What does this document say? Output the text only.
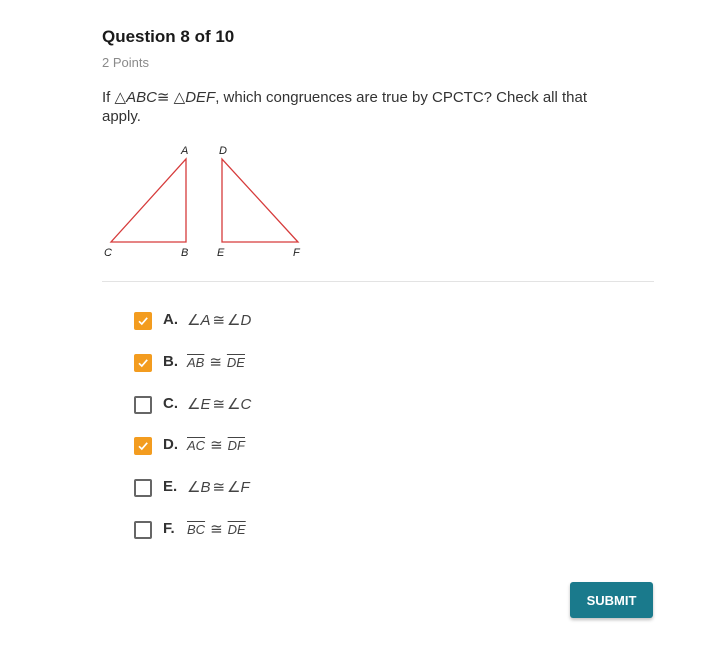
Question 8 of 10
2 Points
If △ABC≅ △DEF, which congruences are true by CPCTC? Check all that apply.
A
B
C
D
E	F
A. ∠A ≅ ∠D
B. $\overline{AB}$ ≅ $\overline{DE}$
C. ∠E ≅ ∠C
D. $\overline{AC}$ ≅ $\overline{DF}$
E. ∠B ≅ ∠F
F. $\overline{BC}$ ≅ $\overline{DE}$
SUBMIT
